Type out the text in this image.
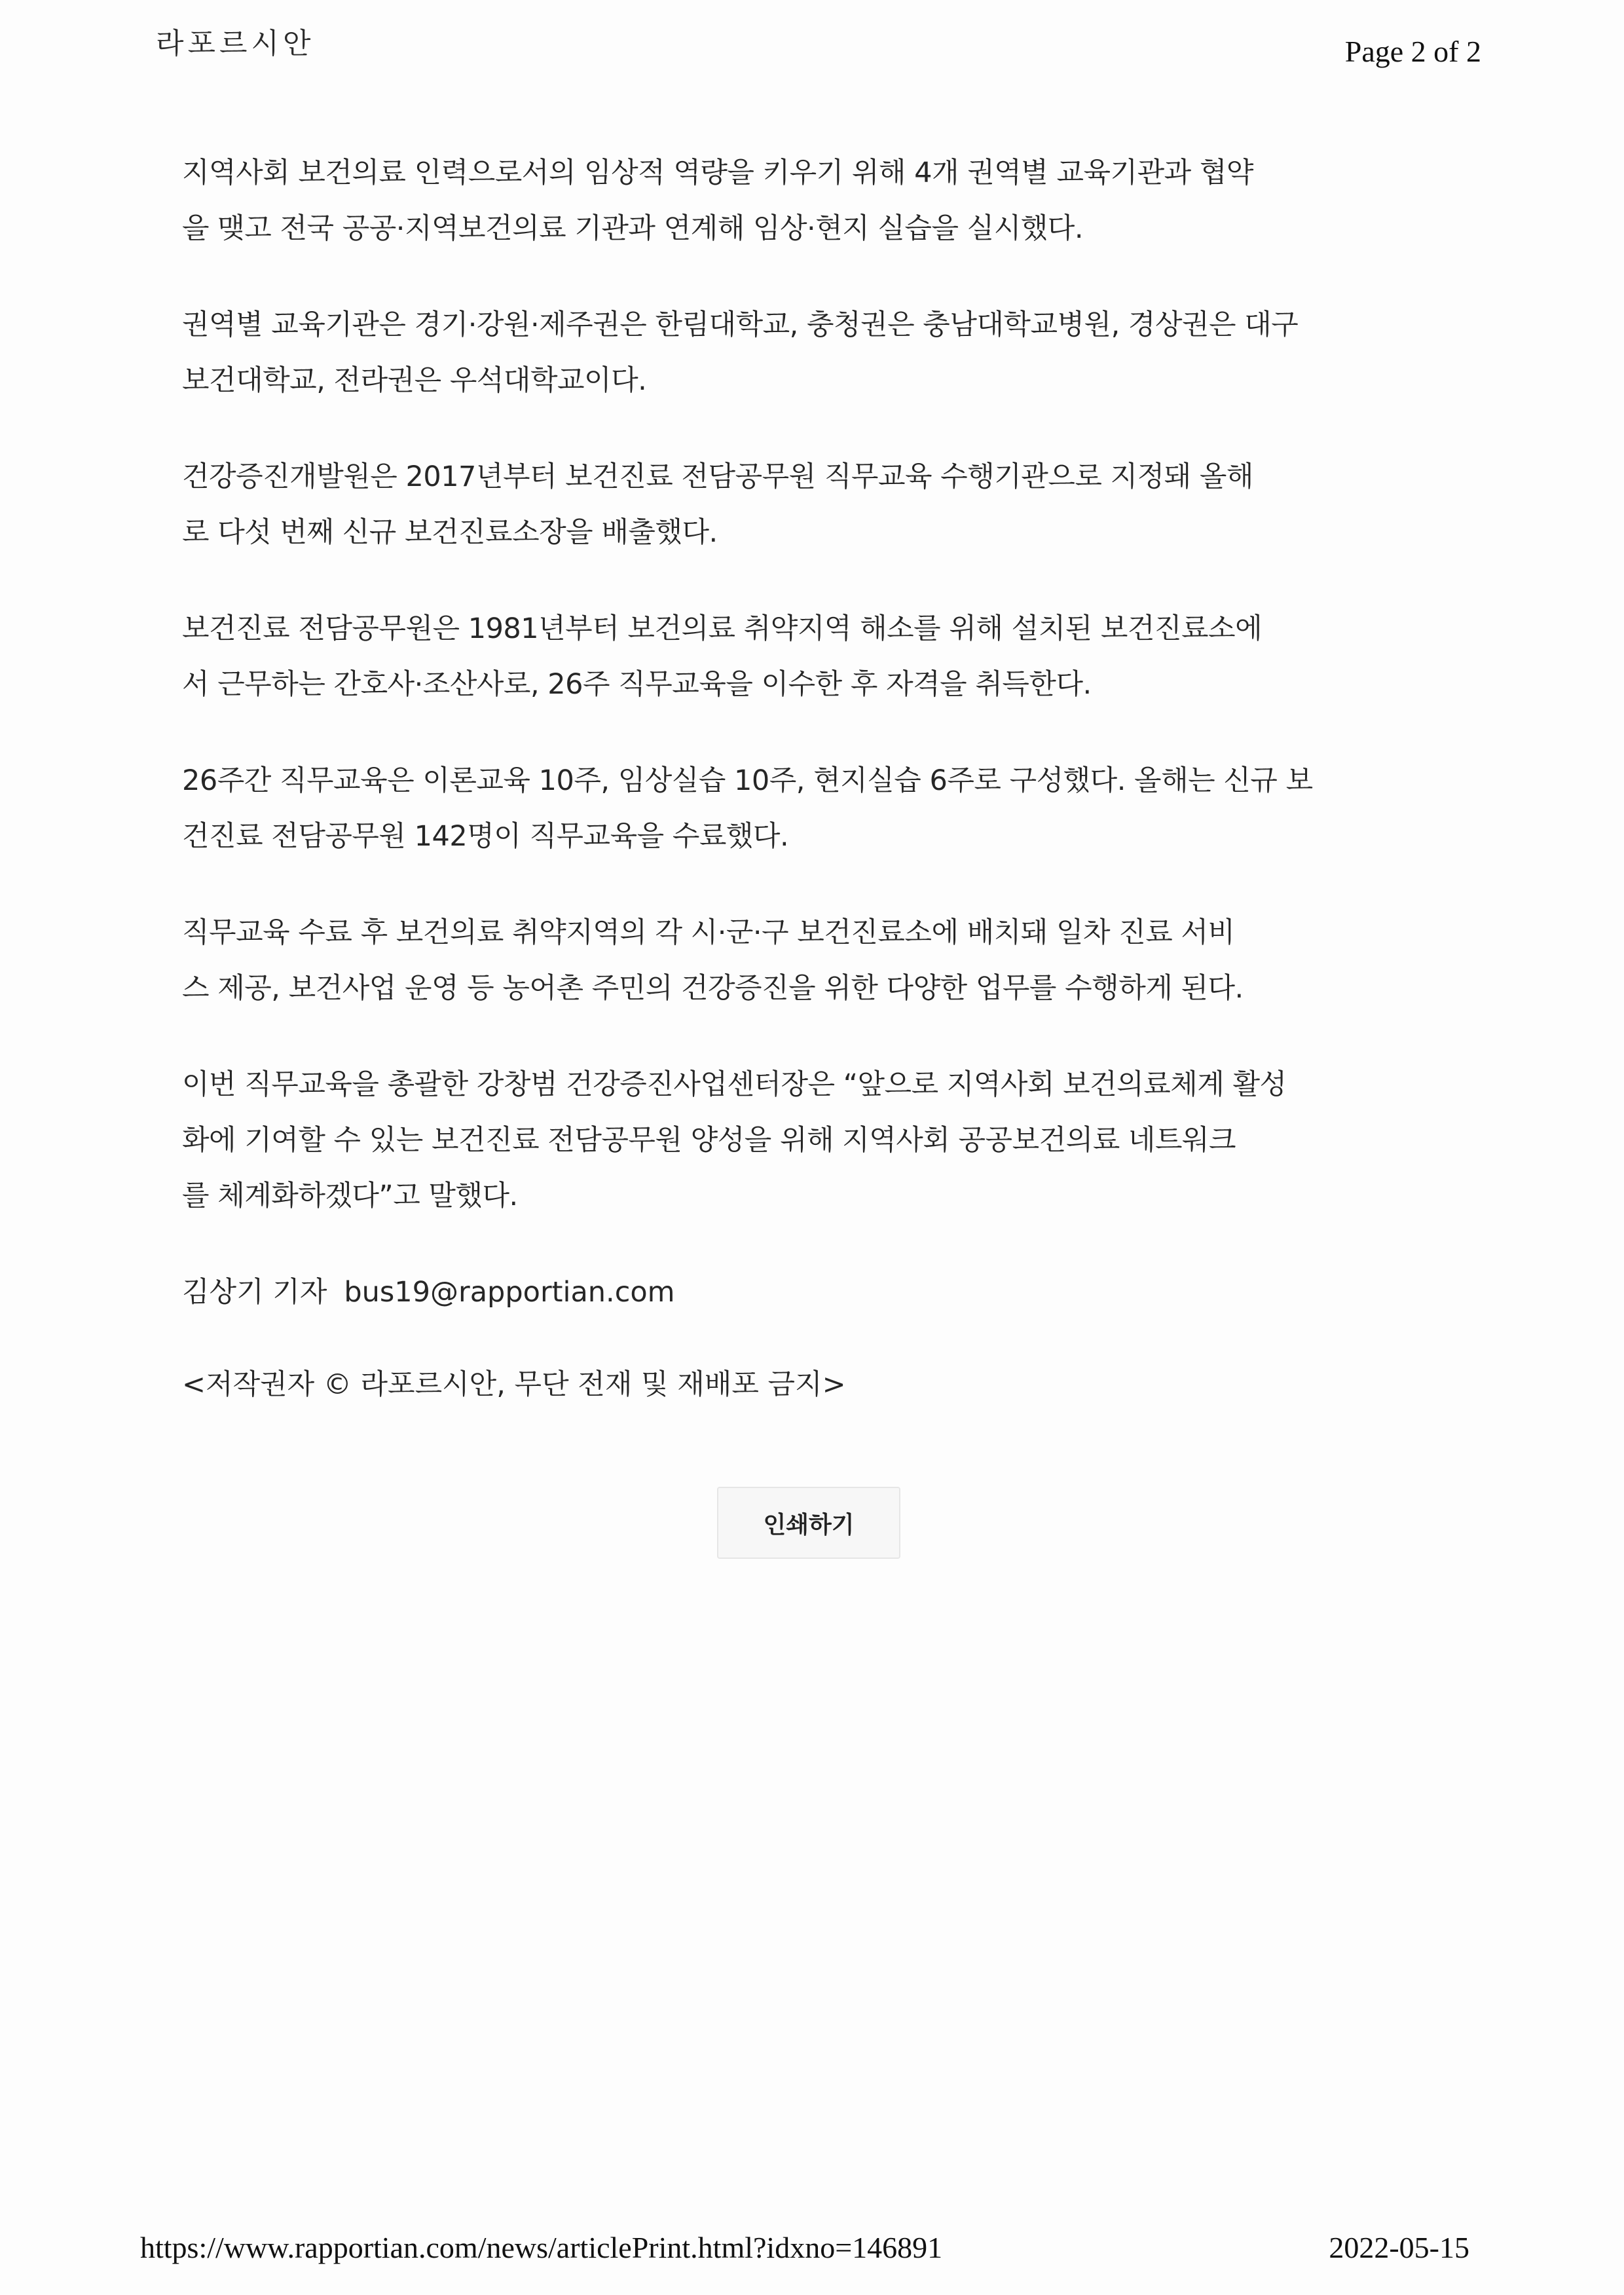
라포르시안	Page 2 of 2

지역사회 보건의료 인력으로서의 임상적 역량을 키우기 위해 4개 권역별 교육기관과 협약
을 맺고 전국 공공·지역보건의료 기관과 연계해 임상·현지 실습을 실시했다.

권역별 교육기관은 경기·강원·제주권은 한림대학교, 충청권은 충남대학교병원, 경상권은 대구
보건대학교, 전라권은 우석대학교이다.

건강증진개발원은 2017년부터 보건진료 전담공무원 직무교육 수행기관으로 지정돼 올해
로 다섯 번째 신규 보건진료소장을 배출했다.

보건진료 전담공무원은 1981년부터 보건의료 취약지역 해소를 위해 설치된 보건진료소에
서 근무하는 간호사·조산사로, 26주 직무교육을 이수한 후 자격을 취득한다.

26주간 직무교육은 이론교육 10주, 임상실습 10주, 현지실습 6주로 구성했다. 올해는 신규 보
건진료 전담공무원 142명이 직무교육을 수료했다.

직무교육 수료 후 보건의료 취약지역의 각 시·군·구 보건진료소에 배치돼 일차 진료 서비
스 제공, 보건사업 운영 등 농어촌 주민의 건강증진을 위한 다양한 업무를 수행하게 된다.

이번 직무교육을 총괄한 강창범 건강증진사업센터장은 “앞으로 지역사회 보건의료체계 활성
화에 기여할 수 있는 보건진료 전담공무원 양성을 위해 지역사회 공공보건의료 네트워크
를 체계화하겠다”고 말했다.

김상기 기자 bus19@rapportian.com

<저작권자 © 라포르시안, 무단 전재 및 재배포 금지>

인쇄하기
https://www.rapportian.com/news/articlePrint.html?idxno=146891	2022-05-15
